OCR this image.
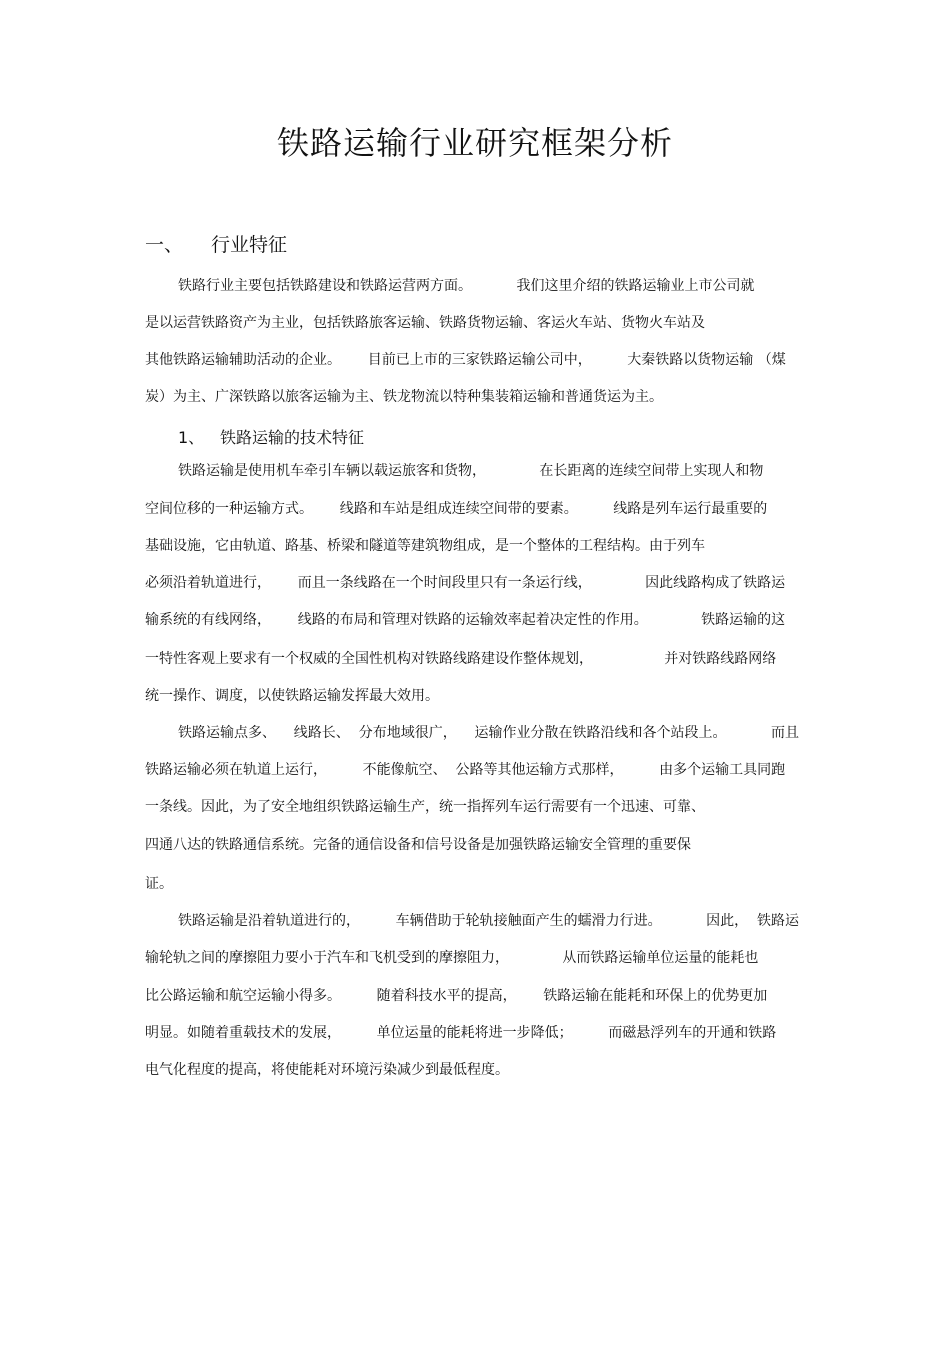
铁路运输行业研究框架分析
一、 行业特征
铁路行业主要包括铁路建设和铁路运营两方面。          我们这里介绍的铁路运输业上市公司就
是以运营铁路资产为主业，包括铁路旅客运输、铁路货物运输、客运火车站、货物火车站及
其他铁路运输辅助活动的企业。      目前已上市的三家铁路运输公司中，        大秦铁路以货物运输 （煤
炭）为主、广深铁路以旅客运输为主、铁龙物流以特种集装箱运输和普通货运为主。
1、 铁路运输的技术特征
铁路运输是使用机车牵引车辆以载运旅客和货物，            在长距离的连续空间带上实现人和物
空间位移的一种运输方式。      线路和车站是组成连续空间带的要素。        线路是列车运行最重要的
基础设施，它由轨道、路基、桥梁和隧道等建筑物组成，是一个整体的工程结构。由于列车
必须沿着轨道进行，      而且一条线路在一个时间段里只有一条运行线，            因此线路构成了铁路运
输系统的有线网络，      线路的布局和管理对铁路的运输效率起着决定性的作用。            铁路运输的这
一特性客观上要求有一个权威的全国性机构对铁路线路建设作整体规划，                并对铁路线路网络
统一操作、调度，以使铁路运输发挥最大效用。
铁路运输点多、    线路长、  分布地域很广，    运输作业分散在铁路沿线和各个站段上。          而且
铁路运输必须在轨道上运行，        不能像航空、  公路等其他运输方式那样，        由多个运输工具同跑
一条线。因此，为了安全地组织铁路运输生产，统一指挥列车运行需要有一个迅速、可靠、
四通八达的铁路通信系统。完备的通信设备和信号设备是加强铁路运输安全管理的重要保
证。
铁路运输是沿着轨道进行的，        车辆借助于轮轨接触面产生的蠕滑力行进。          因此，  铁路运
输轮轨之间的摩擦阻力要小于汽车和飞机受到的摩擦阻力，            从而铁路运输单位运量的能耗也
比公路运输和航空运输小得多。        随着科技水平的提高，      铁路运输在能耗和环保上的优势更加
明显。如随着重载技术的发展，        单位运量的能耗将进一步降低；        而磁悬浮列车的开通和铁路
电气化程度的提高，将使能耗对环境污染减少到最低程度。
